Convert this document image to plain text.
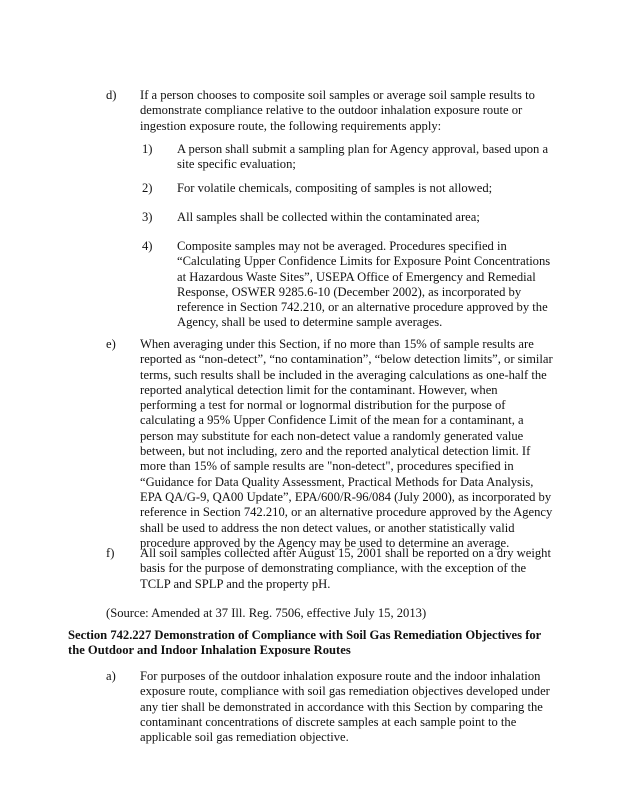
d) If a person chooses to composite soil samples or average soil sample results to
demonstrate compliance relative to the outdoor inhalation exposure route or
ingestion exposure route, the following requirements apply:
1) A person shall submit a sampling plan for Agency approval, based upon a
site specific evaluation;
2) For volatile chemicals, compositing of samples is not allowed;
3) All samples shall be collected within the contaminated area;
4) Composite samples may not be averaged. Procedures specified in
“Calculating Upper Confidence Limits for Exposure Point Concentrations
at Hazardous Waste Sites”, USEPA Office of Emergency and Remedial
Response, OSWER 9285.6-10 (December 2002), as incorporated by
reference in Section 742.210, or an alternative procedure approved by the
Agency, shall be used to determine sample averages.
e) When averaging under this Section, if no more than 15% of sample results are
reported as “non-detect”, “no contamination”, “below detection limits”, or similar
terms, such results shall be included in the averaging calculations as one-half the
reported analytical detection limit for the contaminant. However, when
performing a test for normal or lognormal distribution for the purpose of
calculating a 95% Upper Confidence Limit of the mean for a contaminant, a
person may substitute for each non-detect value a randomly generated value
between, but not including, zero and the reported analytical detection limit. If
more than 15% of sample results are "non-detect", procedures specified in
“Guidance for Data Quality Assessment, Practical Methods for Data Analysis,
EPA QA/G-9, QA00 Update”, EPA/600/R-96/084 (July 2000), as incorporated by
reference in Section 742.210, or an alternative procedure approved by the Agency
shall be used to address the non detect values, or another statistically valid
procedure approved by the Agency may be used to determine an average.
f) All soil samples collected after August 15, 2001 shall be reported on a dry weight
basis for the purpose of demonstrating compliance, with the exception of the
TCLP and SPLP and the property pH.
(Source: Amended at 37 Ill. Reg. 7506, effective July 15, 2013)
Section 742.227 Demonstration of Compliance with Soil Gas Remediation Objectives for
the Outdoor and Indoor Inhalation Exposure Routes
a) For purposes of the outdoor inhalation exposure route and the indoor inhalation
exposure route, compliance with soil gas remediation objectives developed under
any tier shall be demonstrated in accordance with this Section by comparing the
contaminant concentrations of discrete samples at each sample point to the
applicable soil gas remediation objective.
